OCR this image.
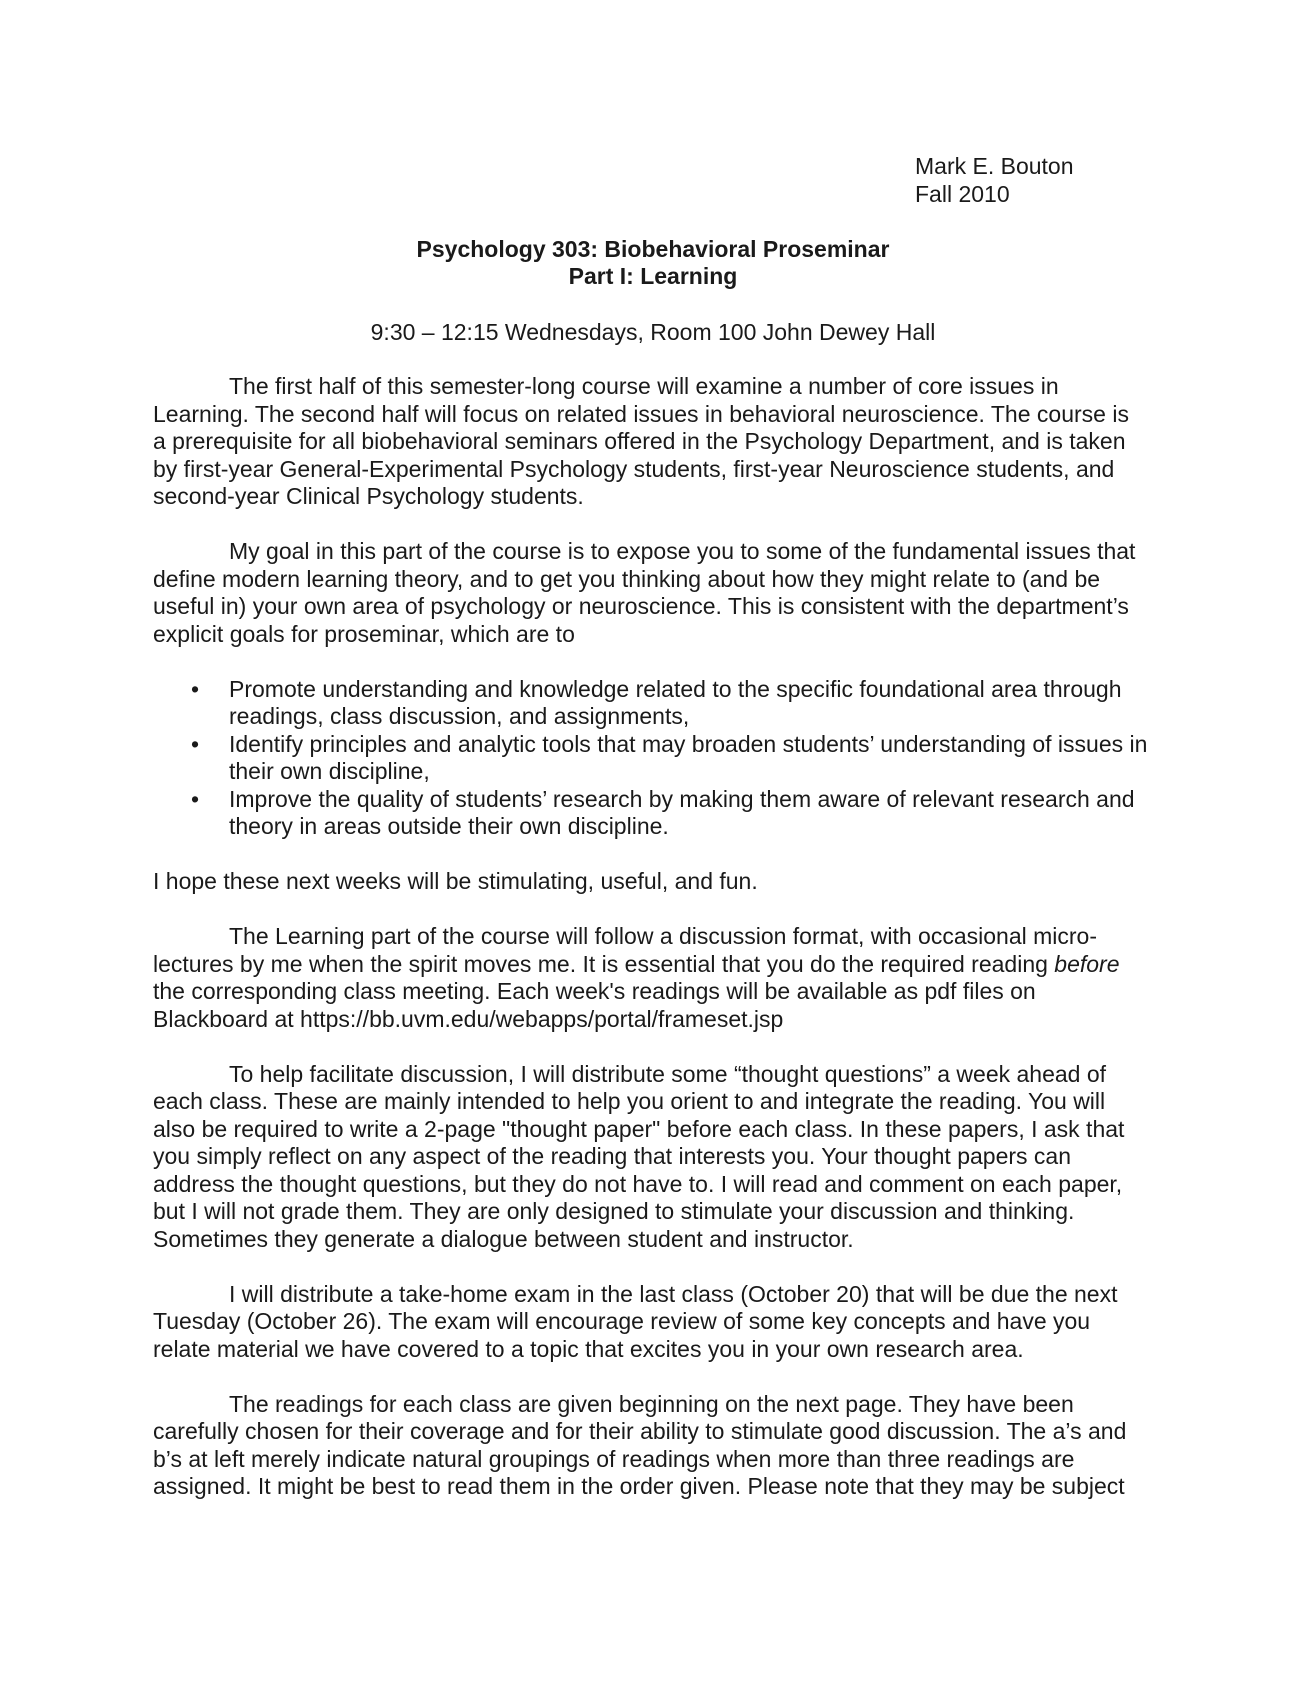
Mark E. Bouton
Fall 2010
Psychology 303: Biobehavioral Proseminar
Part I: Learning
9:30 – 12:15 Wednesdays, Room 100 John Dewey Hall

The first half of this semester-long course will examine a number of core issues in Learning. The second half will focus on related issues in behavioral neuroscience. The course is a prerequisite for all biobehavioral seminars offered in the Psychology Department, and is taken by first-year General-Experimental Psychology students, first-year Neuroscience students, and second-year Clinical Psychology students.

My goal in this part of the course is to expose you to some of the fundamental issues that define modern learning theory, and to get you thinking about how they might relate to (and be useful in) your own area of psychology or neuroscience. This is consistent with the department’s explicit goals for proseminar, which are to

• Promote understanding and knowledge related to the specific foundational area through readings, class discussion, and assignments,
• Identify principles and analytic tools that may broaden students’ understanding of issues in their own discipline,
• Improve the quality of students’ research by making them aware of relevant research and theory in areas outside their own discipline.

I hope these next weeks will be stimulating, useful, and fun.

The Learning part of the course will follow a discussion format, with occasional micro-lectures by me when the spirit moves me. It is essential that you do the required reading before the corresponding class meeting. Each week's readings will be available as pdf files on Blackboard at https://bb.uvm.edu/webapps/portal/frameset.jsp

To help facilitate discussion, I will distribute some “thought questions” a week ahead of each class. These are mainly intended to help you orient to and integrate the reading. You will also be required to write a 2-page "thought paper" before each class. In these papers, I ask that you simply reflect on any aspect of the reading that interests you. Your thought papers can address the thought questions, but they do not have to. I will read and comment on each paper, but I will not grade them. They are only designed to stimulate your discussion and thinking. Sometimes they generate a dialogue between student and instructor.

I will distribute a take-home exam in the last class (October 20) that will be due the next Tuesday (October 26). The exam will encourage review of some key concepts and have you relate material we have covered to a topic that excites you in your own research area.

The readings for each class are given beginning on the next page. They have been carefully chosen for their coverage and for their ability to stimulate good discussion. The a’s and b’s at left merely indicate natural groupings of readings when more than three readings are assigned. It might be best to read them in the order given. Please note that they may be subject
